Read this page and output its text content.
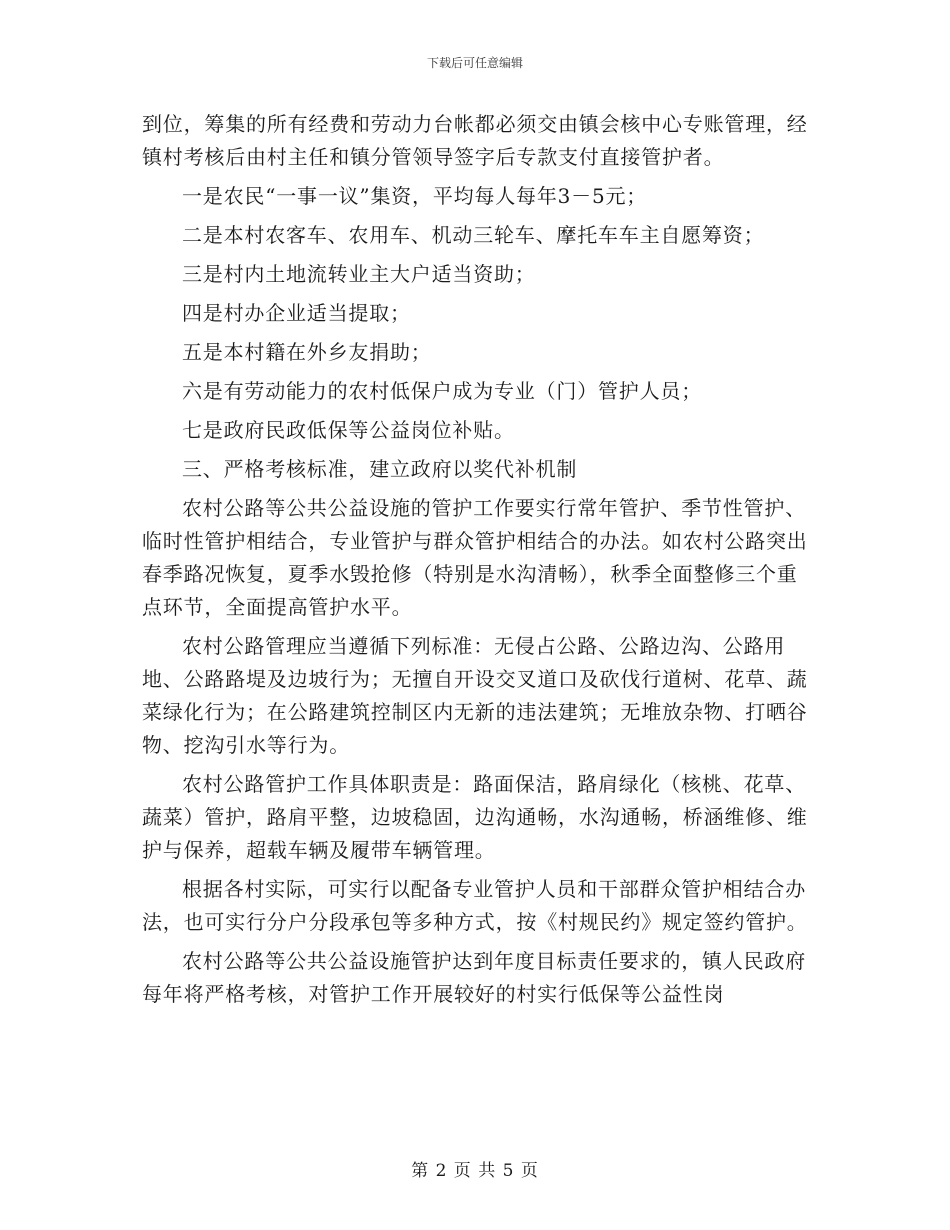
下载后可任意编辑

到位，筹集的所有经费和劳动力台帐都必须交由镇会核中心专账管理，经镇村考核后由村主任和镇分管领导签字后专款支付直接管护者。

一是农民“一事一议”集资，平均每人每年3－5元；

二是本村农客车、农用车、机动三轮车、摩托车车主自愿筹资；

三是村内土地流转业主大户适当资助；

四是村办企业适当提取；

五是本村籍在外乡友捐助；

六是有劳动能力的农村低保户成为专业（门）管护人员；

七是政府民政低保等公益岗位补贴。

三、严格考核标准，建立政府以奖代补机制

农村公路等公共公益设施的管护工作要实行常年管护、季节性管护、临时性管护相结合，专业管护与群众管护相结合的办法。如农村公路突出春季路况恢复，夏季水毁抢修（特别是水沟清畅），秋季全面整修三个重点环节，全面提高管护水平。

农村公路管理应当遵循下列标准：无侵占公路、公路边沟、公路用地、公路路堤及边坡行为；无擅自开设交叉道口及砍伐行道树、花草、蔬菜绿化行为；在公路建筑控制区内无新的违法建筑；无堆放杂物、打晒谷物、挖沟引水等行为。

农村公路管护工作具体职责是：路面保洁，路肩绿化（核桃、花草、蔬菜）管护，路肩平整，边坡稳固，边沟通畅，水沟通畅，桥涵维修、维护与保养，超载车辆及履带车辆管理。

根据各村实际，可实行以配备专业管护人员和干部群众管护相结合办法，也可实行分户分段承包等多种方式，按《村规民约》规定签约管护。

农村公路等公共公益设施管护达到年度目标责任要求的，镇人民政府每年将严格考核，对管护工作开展较好的村实行低保等公益性岗

第 2 页 共 5 页
